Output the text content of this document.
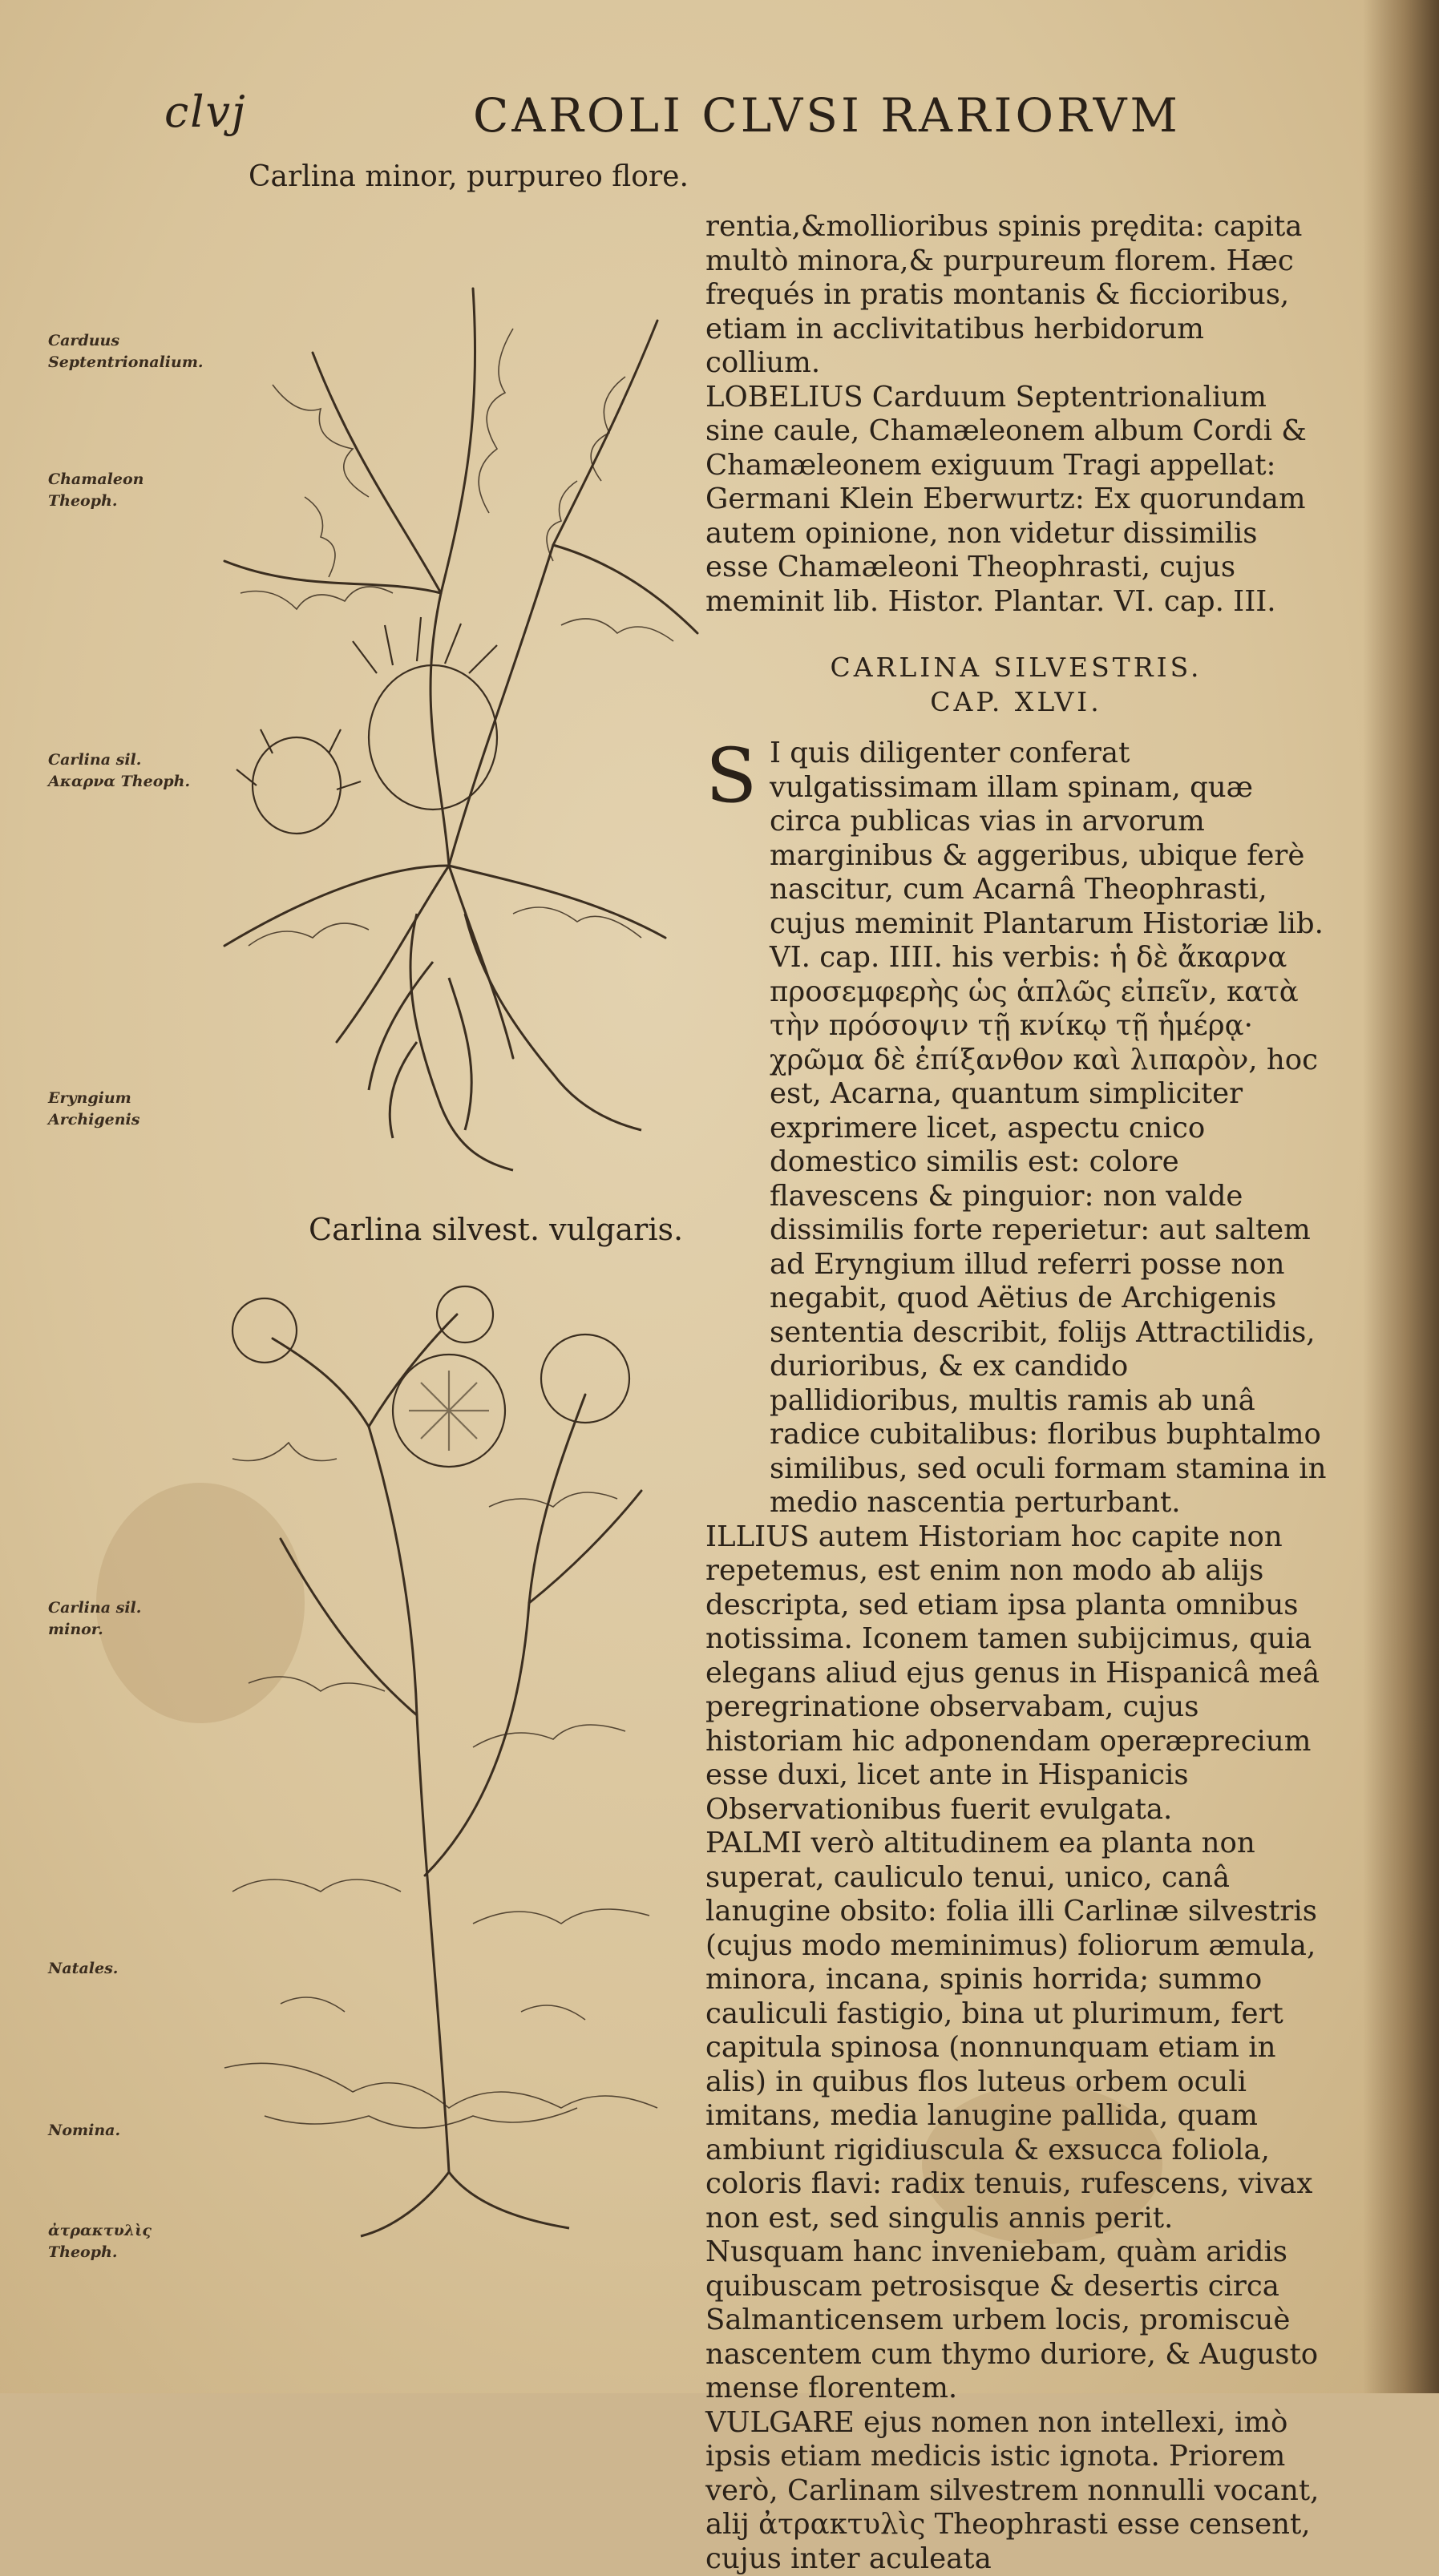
clvj	CAROLI CLVSI RARIORVM
Carlina minor, purpureo flore.
Carlina silvest. vulgaris.
Carduus Septentrionalium.
Chamaleon Theoph.
Carlina sil. Ακαρνα Theoph.
Eryngium Archigenis
Carlina sil. minor.
Natales.
Nomina.
ἀτρακτυλὶς Theoph.

rentia,&mollioribus spinis prędita: capita multò minora,& purpureum florem. Hæc frequés in pratis montanis & ficcioribus, etiam in acclivitatibus herbidorum collium.

LOBELIUS Carduum Septentrionalium sine caule, Chamæleonem album Cordi & Chamæleonem exiguum Tragi appellat: Germani Klein Eberwurtz: Ex quorundam autem opinione, non videtur dissimilis esse Chamæleoni Theophrasti, cujus meminit lib. Histor. Plantar. VI. cap. III.

CARLINA SILVESTRIS.

CAP. XLVI.

S I quis diligenter conferat vulgatissimam illam spinam, quæ circa publicas vias in arvorum marginibus & aggeribus, ubique ferè nascitur, cum Acarnâ Theophrasti, cujus meminit Plantarum Historiæ lib. VI. cap. IIII. his verbis: ἡ δὲ ἄκαρνα προσεμφερὴς ὡς ἁπλῶς εἰπεῖν, κατὰ τὴν πρόσοψιν τῇ κνίκῳ τῇ ἡμέρᾳ· χρῶμα δὲ ἐπίξανθον καὶ λιπαρὸν, hoc est, Acarna, quantum simpliciter exprimere licet, aspectu cnico domestico similis est: colore flavescens & pinguior: non valde dissimilis forte reperietur: aut saltem ad Eryngium illud referri posse non negabit, quod Aëtius de Archigenis sententia describit, folijs Attractilidis, durioribus, & ex candido pallidioribus, multis ramis ab unâ radice cubitalibus: floribus buphtalmo similibus, sed oculi formam stamina in medio nascentia perturbant.

ILLIUS autem Historiam hoc capite non repetemus, est enim non modo ab alijs descripta, sed etiam ipsa planta omnibus notissima. Iconem tamen subijcimus, quia elegans aliud ejus genus in Hispanicâ meâ peregrinatione observabam, cujus historiam hic adponendam operæprecium esse duxi, licet ante in Hispanicis Observationibus fuerit evulgata.

PALMI verò altitudinem ea planta non superat, cauliculo tenui, unico, canâ lanugine obsito: folia illi Carlinæ silvestris (cujus modo meminimus) foliorum æmula, minora, incana, spinis horrida; summo cauliculi fastigio, bina ut plurimum, fert capitula spinosa (nonnunquam etiam in alis) in quibus flos luteus orbem oculi imitans, media lanugine pallida, quam ambiunt rigidiuscula & exsucca foliola, coloris flavi: radix tenuis, rufescens, vivax non est, sed singulis annis perit.

Nusquam hanc inveniebam, quàm aridis quibuscam petrosisque & desertis circa Salmanticensem urbem locis, promiscuè nascentem cum thymo duriore, & Augusto mense florentem.

VULGARE ejus nomen non intellexi, imò ipsis etiam medicis istic ignota. Priorem verò, Carlinam silvestrem nonnulli vocant, alij ἀτρακτυλὶς Theophrasti esse censent, cujus inter aculeata
